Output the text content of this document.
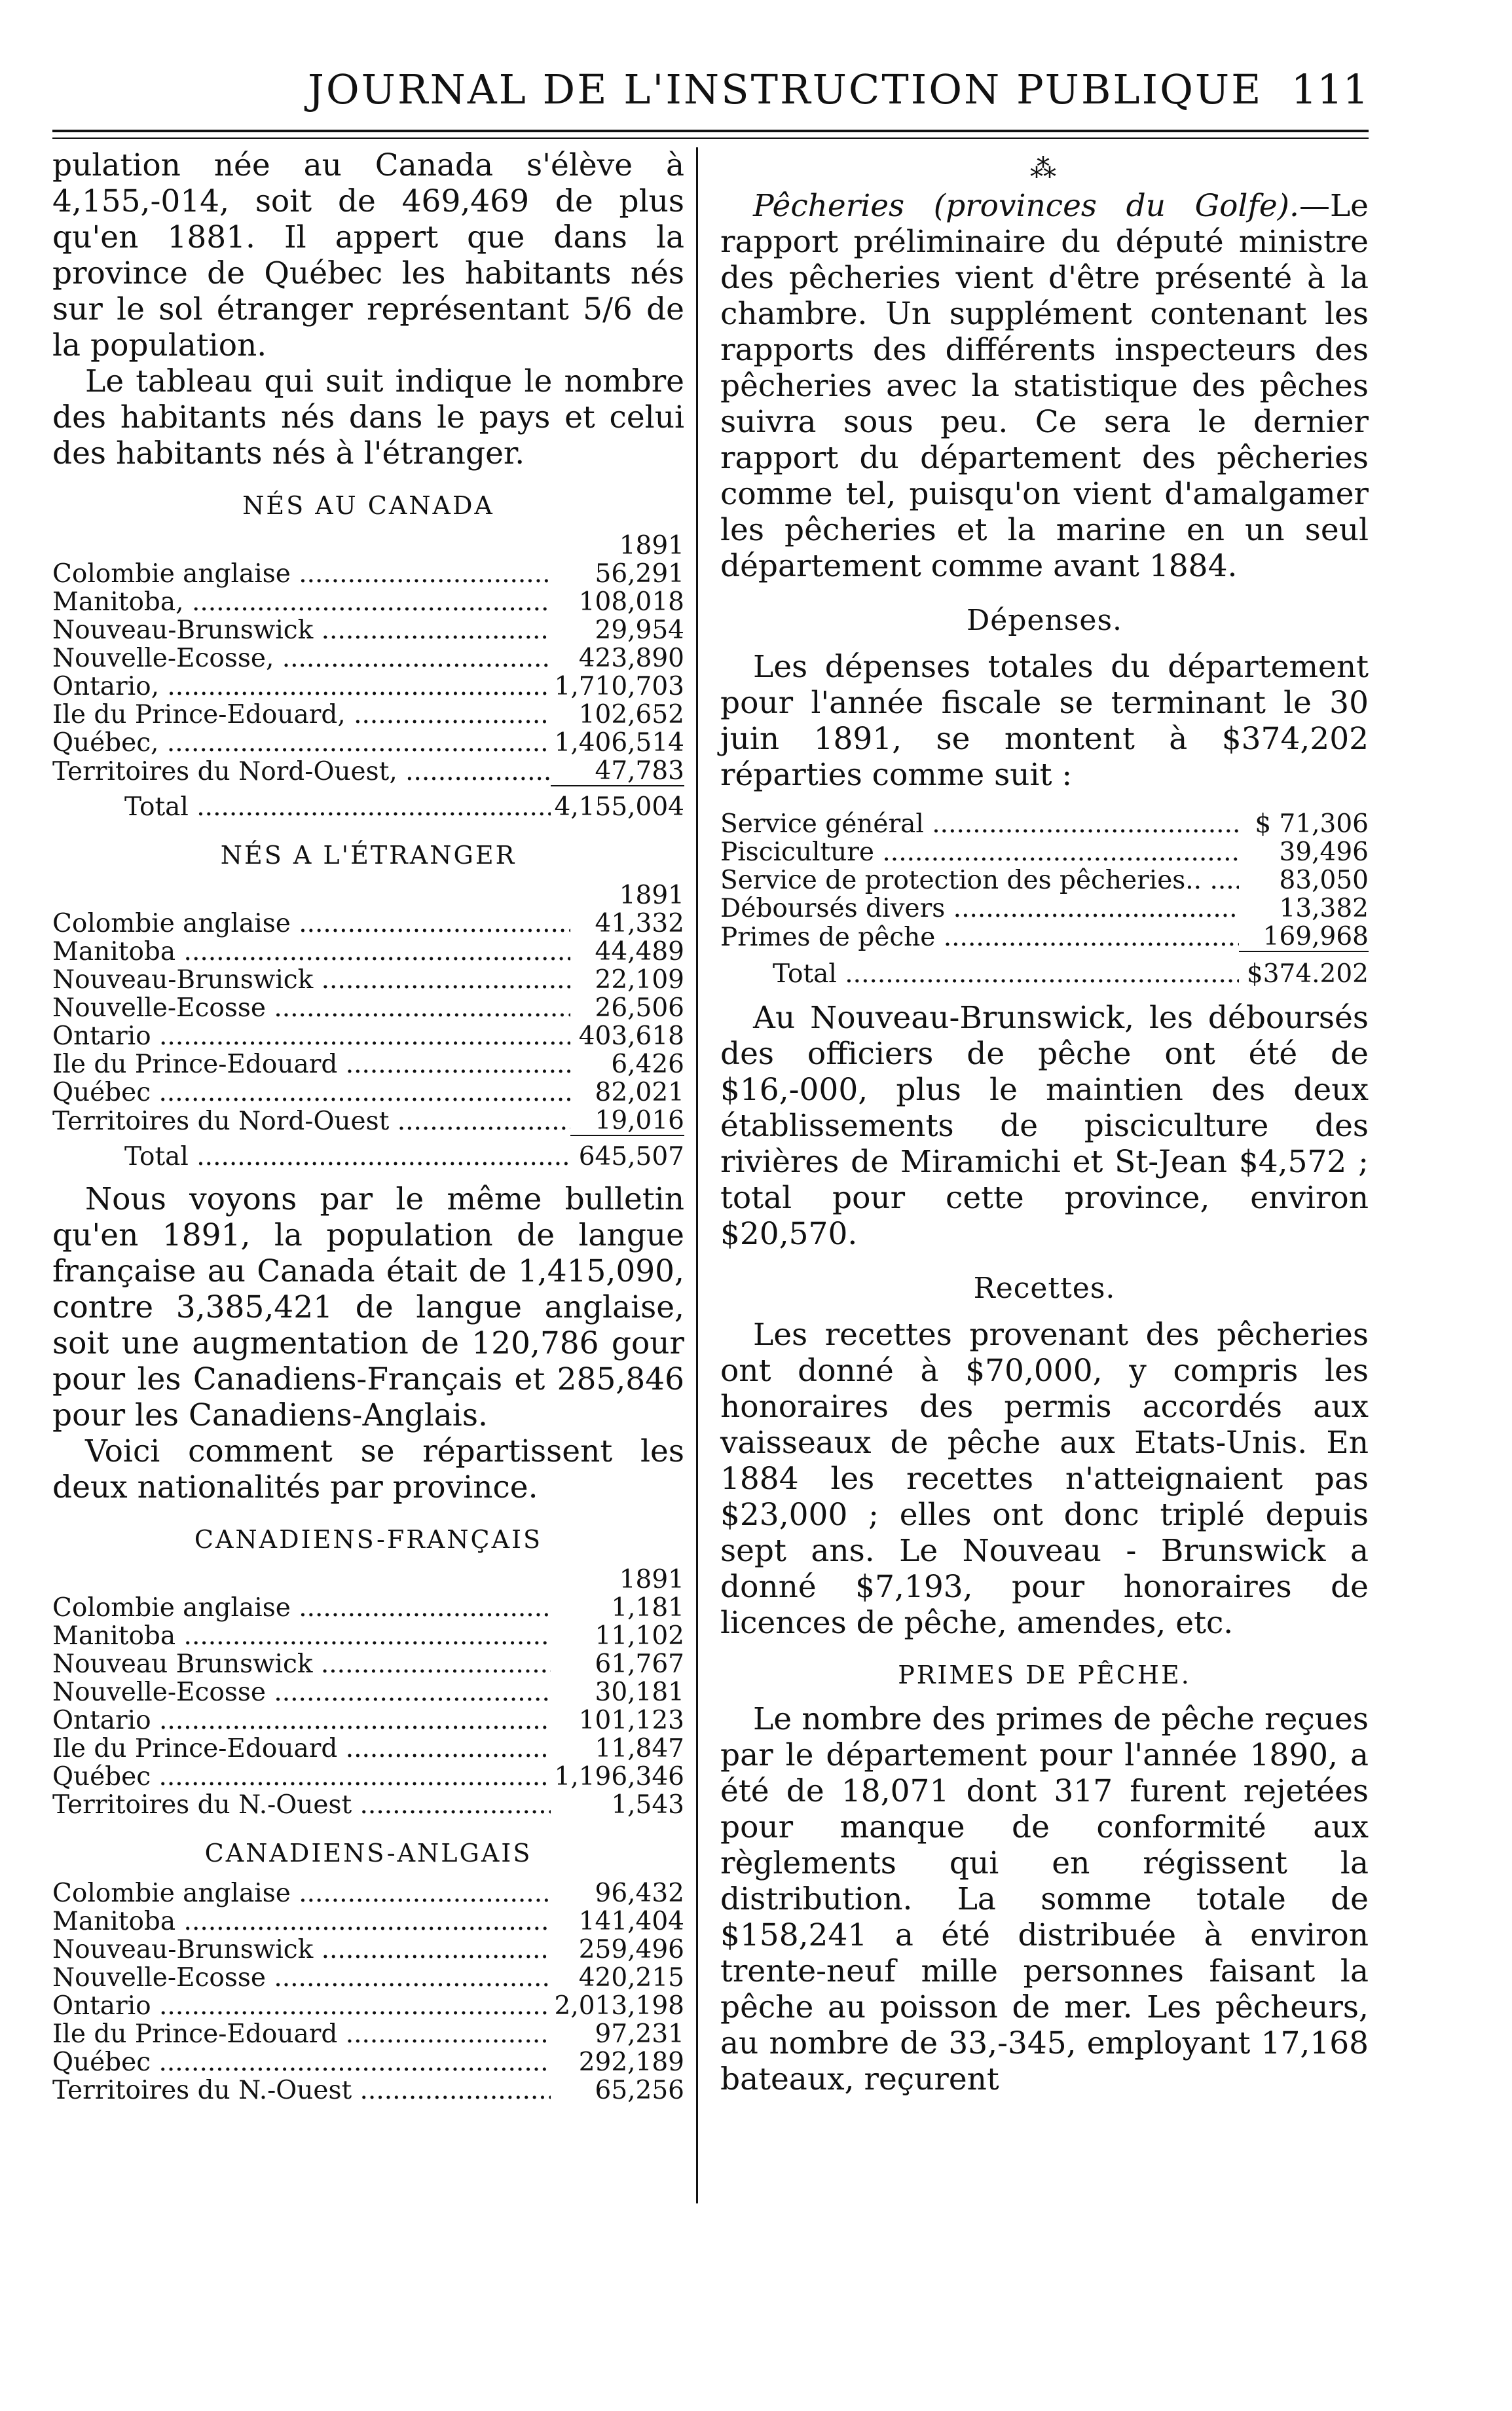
JOURNAL DE L'INSTRUCTION PUBLIQUE 111

pulation née au Canada s'élève à 4,155,-014, soit de 469,469 de plus qu'en 1881. Il appert que dans la province de Québec les habitants nés sur le sol étranger représentant 5/6 de la population.

Le tableau qui suit indique le nombre des habitants nés dans le pays et celui des habitants nés à l'étranger.

NÉS AU CANADA
	1891
Colombie anglaise .....	56,291
Manitoba, .....	108,018
Nouveau-Brunswick .....	29,954
Nouvelle-Ecosse, .....	423,890
Ontario, .....	1,710,703
Ile du Prince-Edouard, .....	102,652
Québec, .....	1,406,514
Territoires du Nord-Ouest, .....	47,783
Total .....	4,155,004
NÉS A L'ÉTRANGER
	1891
Colombie anglaise .....	41,332
Manitoba .....	44,489
Nouveau-Brunswick .....	22,109
Nouvelle-Ecosse .....	26,506
Ontario .....	403,618
Ile du Prince-Edouard .....	6,426
Québec .....	82,021
Territoires du Nord-Ouest .....	19,016
Total .....	645,507

Nous voyons par le même bulletin qu'en 1891, la population de langue française au Canada était de 1,415,090, contre 3,385,421 de langue anglaise, soit une augmentation de 120,786 gour pour les Canadiens-Français et 285,846 pour les Canadiens-Anglais.

Voici comment se répartissent les deux nationalités par province.

CANADIENS-FRANÇAIS
	1891
Colombie anglaise .....	1,181
Manitoba .....	11,102
Nouveau Brunswick .....	61,767
Nouvelle-Ecosse .....	30,181
Ontario .....	101,123
Ile du Prince-Edouard .....	11,847
Québec .....	1,196,346
Territoires du N.-Ouest .....	1,543
CANADIENS-ANLGAIS
Colombie anglaise .....	96,432
Manitoba .....	141,404
Nouveau-Brunswick .....	259,496
Nouvelle-Ecosse .....	420,215
Ontario .....	2,013,198
Ile du Prince-Edouard .....	97,231
Québec .....	292,189
Territoires du N.-Ouest .....	65,256
⁂

Pêcheries (provinces du Golfe).—Le rapport préliminaire du député ministre des pêcheries vient d'être présenté à la chambre. Un supplément contenant les rapports des différents inspecteurs des pêcheries avec la statistique des pêches suivra sous peu. Ce sera le dernier rapport du département des pêcheries comme tel, puisqu'on vient d'amalgamer les pêcheries et la marine en un seul département comme avant 1884.

Dépenses.

Les dépenses totales du département pour l'année fiscale se terminant le 30 juin 1891, se montent à $374,202 réparties comme suit :

Service général .....	$ 71,306
Pisciculture .....	39,496
Service de protection des pêcheries.. .....	83,050
Déboursés divers .....	13,382
Primes de pêche .....	169,968
Total .....	$374.202

Au Nouveau-Brunswick, les déboursés des officiers de pêche ont été de $16,-000, plus le maintien des deux établissements de pisciculture des rivières de Miramichi et St-Jean $4,572 ; total pour cette province, environ $20,570.

Recettes.

Les recettes provenant des pêcheries ont donné à $70,000, y compris les honoraires des permis accordés aux vaisseaux de pêche aux Etats-Unis. En 1884 les recettes n'atteignaient pas $23,000 ; elles ont donc triplé depuis sept ans. Le Nouveau - Brunswick a donné $7,193, pour honoraires de licences de pêche, amendes, etc.

PRIMES DE PÊCHE.

Le nombre des primes de pêche reçues par le département pour l'année 1890, a été de 18,071 dont 317 furent rejetées pour manque de conformité aux règlements qui en régissent la distribution. La somme totale de $158,241 a été distribuée à environ trente-neuf mille personnes faisant la pêche au poisson de mer. Les pêcheurs, au nombre de 33,-345, employant 17,168 bateaux, reçurent
